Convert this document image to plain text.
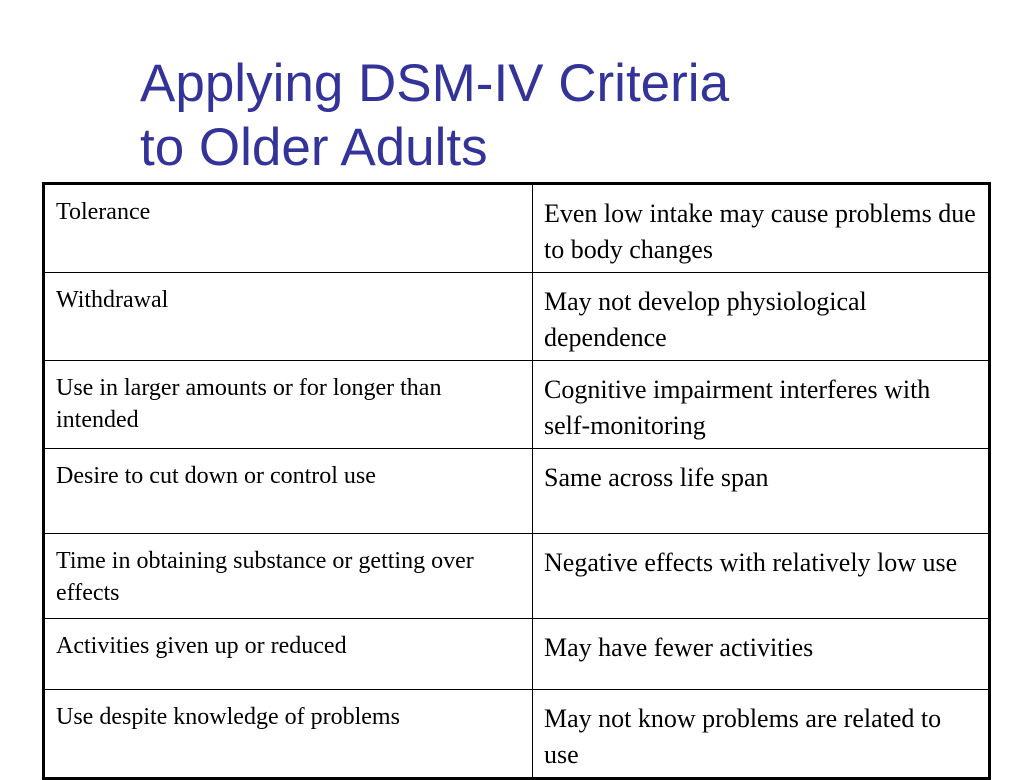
Applying DSM-IV Criteria
to Older Adults
Tolerance	Even low intake may cause problems due to body changes
Withdrawal	May not develop physiological dependence
Use in larger amounts or for longer than intended	Cognitive impairment interferes with self-monitoring
Desire to cut down or control use	Same across life span
Time in obtaining substance or getting over effects	Negative effects with relatively low use
Activities given up or reduced	May have fewer activities
Use despite knowledge of problems	May not know problems are related to use
